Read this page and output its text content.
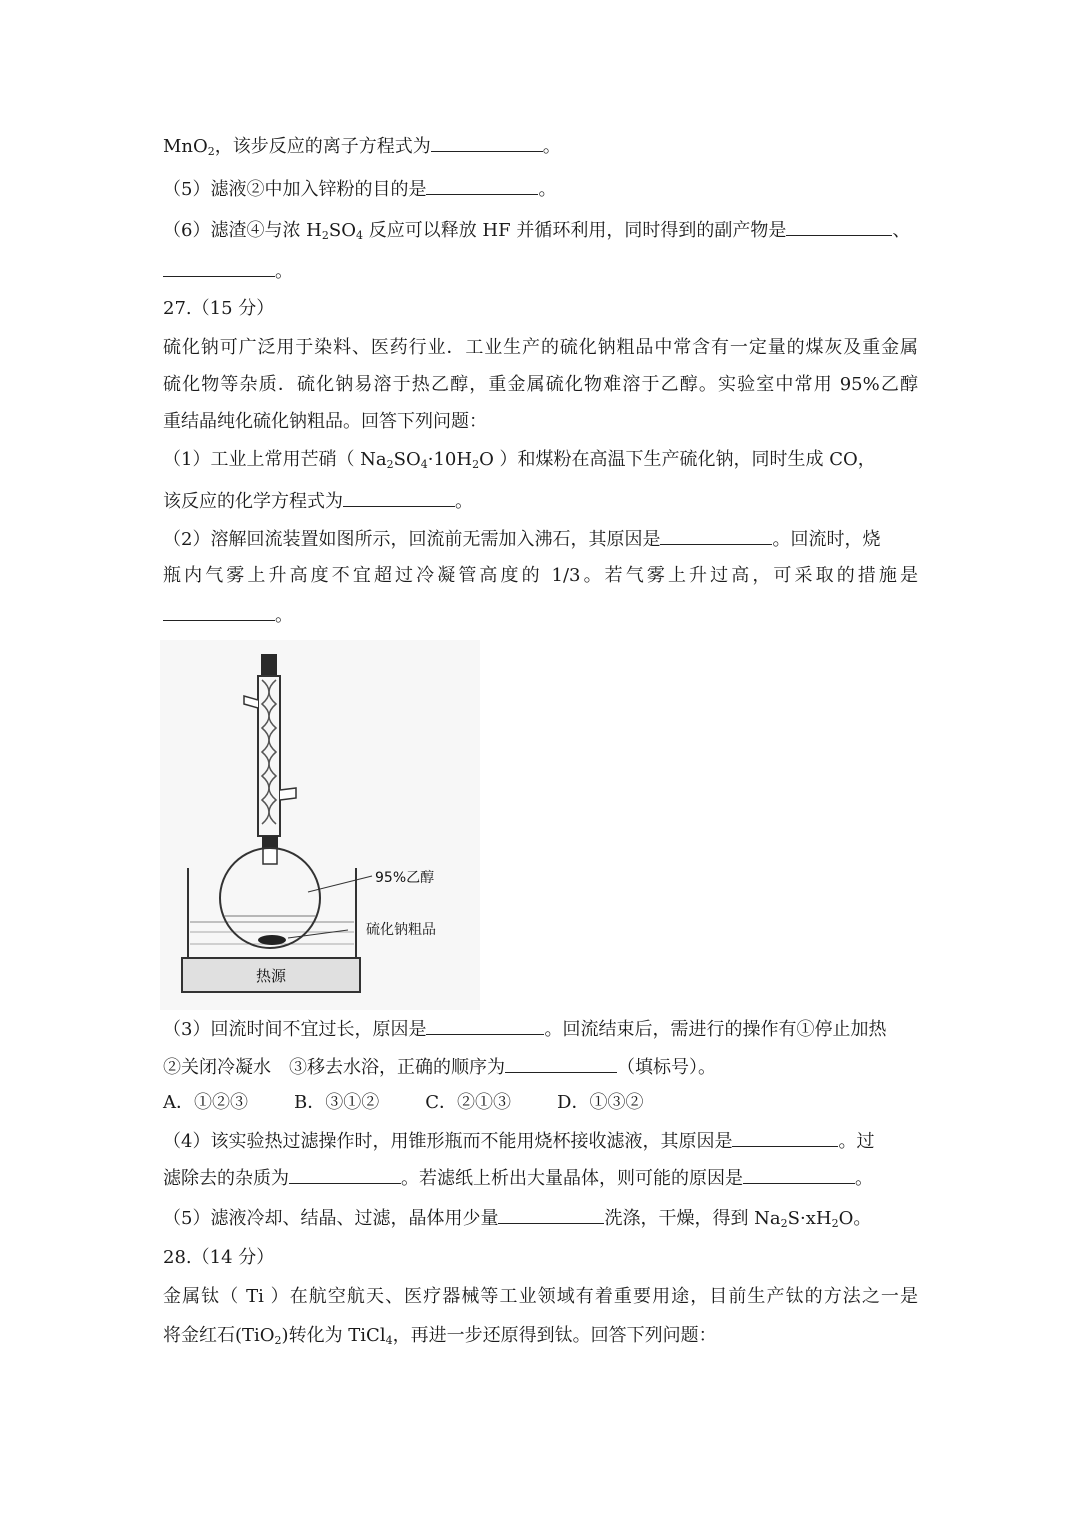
MnO$_2$，该步反应的离子方程式为	。
（5）滤液②中加入锌粉的目的是	。
（6）滤渣④与浓 $H_2SO_4$ 反应可以释放 HF 并循环利用，同时得到的副产物是	、
。
27.（15 分）
硫化钠可广泛用于染料、医药行业．工业生产的硫化钠粗品中常含有一定量的煤灰及重金属
硫化物等杂质．硫化钠易溶于热乙醇，重金属硫化物难溶于乙醇。实验室中常用 95%乙醇
重结晶纯化硫化钠粗品。回答下列问题：
（1）工业上常用芒硝（ $Na_2SO_4\cdot 10H_2O$ ）和煤粉在高温下生产硫化钠，同时生成 CO，
该反应的化学方程式为	。
（2）溶解回流装置如图所示，回流前无需加入沸石，其原因是	。回流时，烧
瓶内气雾上升高度不宜超过冷凝管高度的 1/3。若气雾上升过高，可采取的措施是
。
热源
95%乙醇
硫化钠粗品
（3）回流时间不宜过长，原因是	。回流结束后，需进行的操作有①停止加热
②关闭冷凝水　③移去水浴，正确的顺序为	（填标号）。
A．①②③	B．③①②	C．②①③	D．①③②
（4）该实验热过滤操作时，用锥形瓶而不能用烧杯接收滤液，其原因是	。过
滤除去的杂质为	。若滤纸上析出大量晶体，则可能的原因是	。
（5）滤液冷却、结晶、过滤，晶体用少量	洗涤，干燥，得到 $Na_2S\cdot xH_2O$。
28.（14 分）
金属钛（ Ti ）在航空航天、医疗器械等工业领域有着重要用途，目前生产钛的方法之一是
将金红石(TiO$_2$)转化为 TiCl$_4$，再进一步还原得到钛。回答下列问题：
